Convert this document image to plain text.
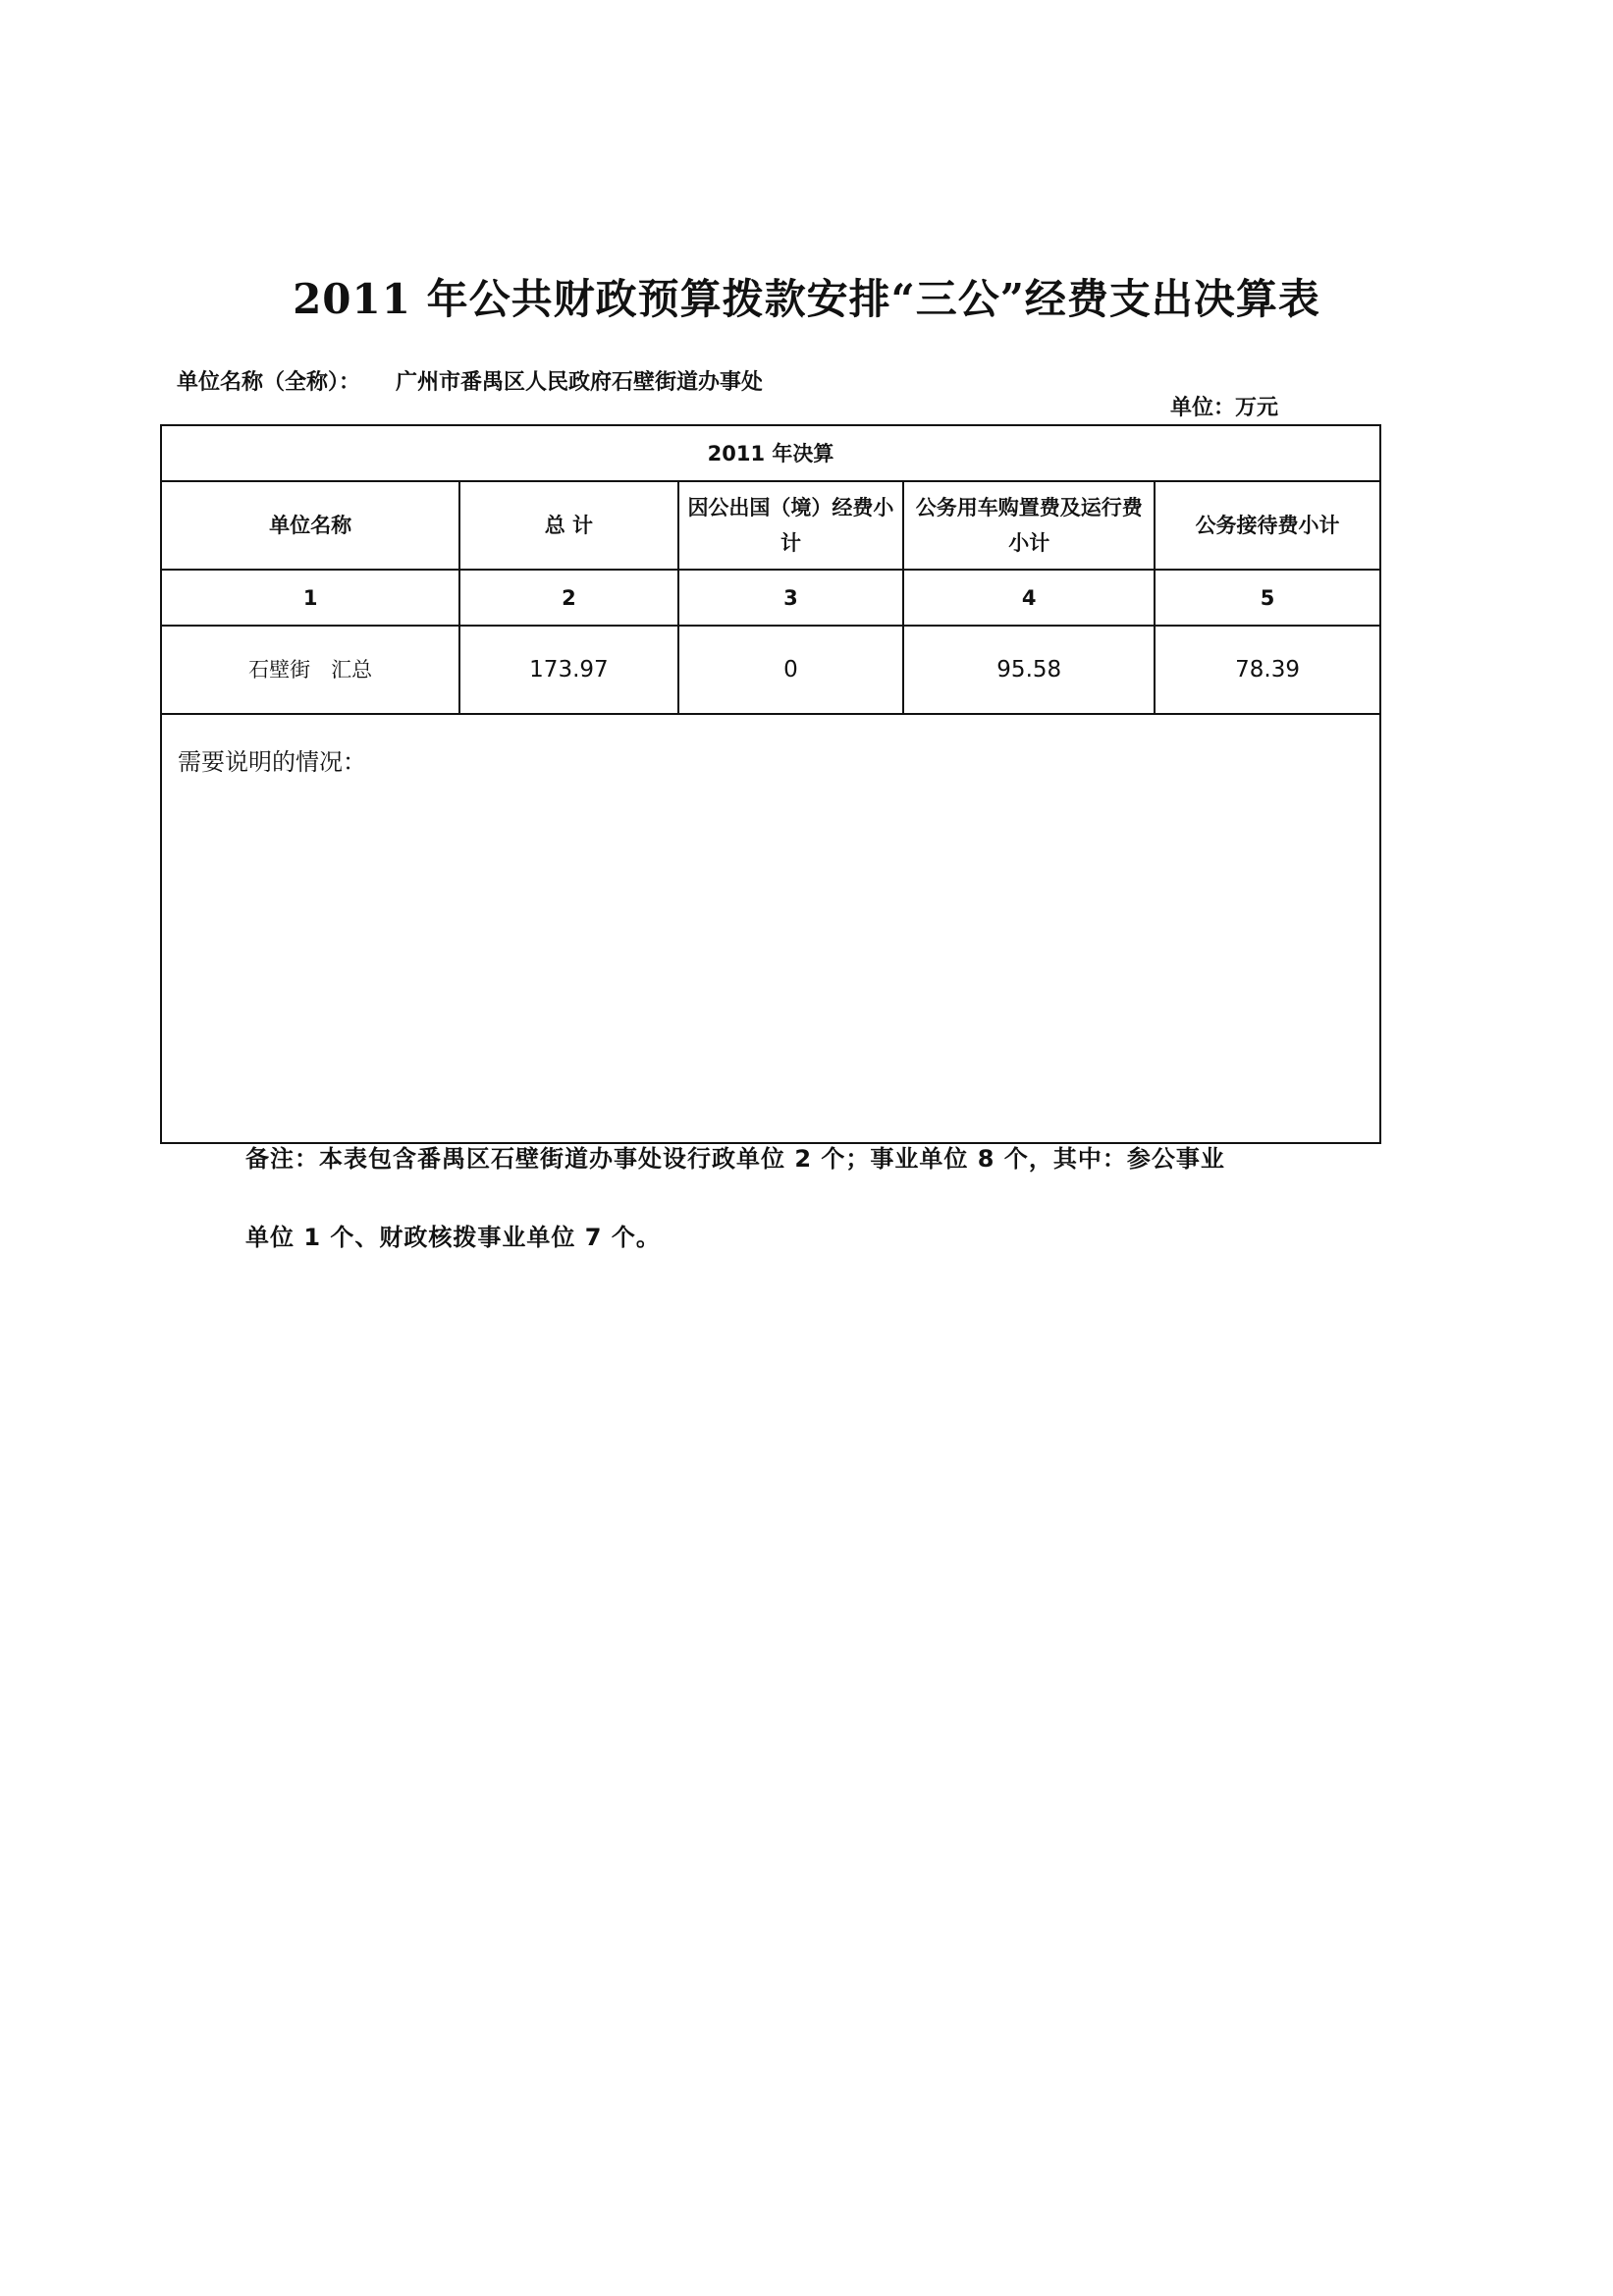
2011 年公共财政预算拨款安排“三公”经费支出决算表
单位名称（全称）： 广州市番禺区人民政府石壁街道办事处
单位：万元
2011 年决算				
单位名称	总 计	因公出国（境）经费小计	公务用车购置费及运行费小计	公务接待费小计
1	2	3	4	5
石壁街　汇总	173.97	0	95.58	78.39
需要说明的情况：				
备注：本表包含番禺区石壁街道办事处设行政单位 2 个；事业单位 8 个，其中：参公事业
单位 1 个、财政核拨事业单位 7 个。
